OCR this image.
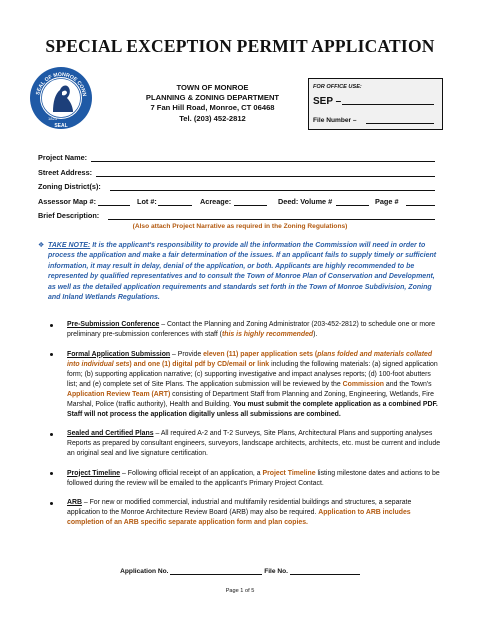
SPECIAL EXCEPTION PERMIT APPLICATION
SEAL OF MONROE CONN
SEAL
1823
TOWN OF MONROE
PLANNING & ZONING DEPARTMENT
7 Fan Hill Road, Monroe, CT 06468
Tel. (203) 452-2812
FOR OFFICE USE:
SEP –
File Number –
Project Name:
Street Address:
Zoning District(s):
Assessor Map #:	Lot #:	Acreage:	Deed: Volume #	Page #
Brief Description:
(Also attach Project Narrative as required in the Zoning Regulations)
❖ TAKE NOTE: It is the applicant's responsibility to provide all the information the Commission will need in order to process the application and make a fair determination of the issues. If an applicant fails to supply timely or sufficient information, it may result in delay, denial of the application, or both. Applicants are highly recommended to be represented by qualified representatives and to consult the Town of Monroe Plan of Conservation and Development, as well as the detailed application requirements and standards set forth in the Town of Monroe Subdivision, Zoning and Inland Wetlands Regulations.

Pre-Submission Conference – Contact the Planning and Zoning Administrator (203-452-2812) to schedule one or more preliminary pre-submission conferences with staff (this is highly recommended).
Formal Application Submission – Provide eleven (11) paper application sets (plans folded and materials collated into individual sets) and one (1) digital pdf by CD/email or link including the following materials: (a) signed application form; (b) supporting application narrative; (c) supporting investigative and impact analyses reports; (d) 100-foot abutters list; and (e) complete set of Site Plans. The application submission will be reviewed by the Commission and the Town's Application Review Team (ART) consisting of Department Staff from Planning and Zoning, Engineering, Wetlands, Fire Marshal, Police (traffic authority), Health and Building. You must submit the complete application as a combined PDF. Staff will not process the application digitally unless all submissions are combined.
Sealed and Certified Plans – All required A-2 and T-2 Surveys, Site Plans, Architectural Plans and supporting analyses Reports as prepared by consultant engineers, surveyors, landscape architects, architects, etc. must be current and include an original seal and live signature certification.
Project Timeline – Following official receipt of an application, a Project Timeline listing milestone dates and actions to be followed during the review will be emailed to the applicant's Primary Project Contact.
ARB – For new or modified commercial, industrial and multifamily residential buildings and structures, a separate application to the Monroe Architecture Review Board (ARB) may also be required. Application to ARB includes completion of an ARB specific separate application form and plan copies.
Application No.	File No.
Page 1 of 5
